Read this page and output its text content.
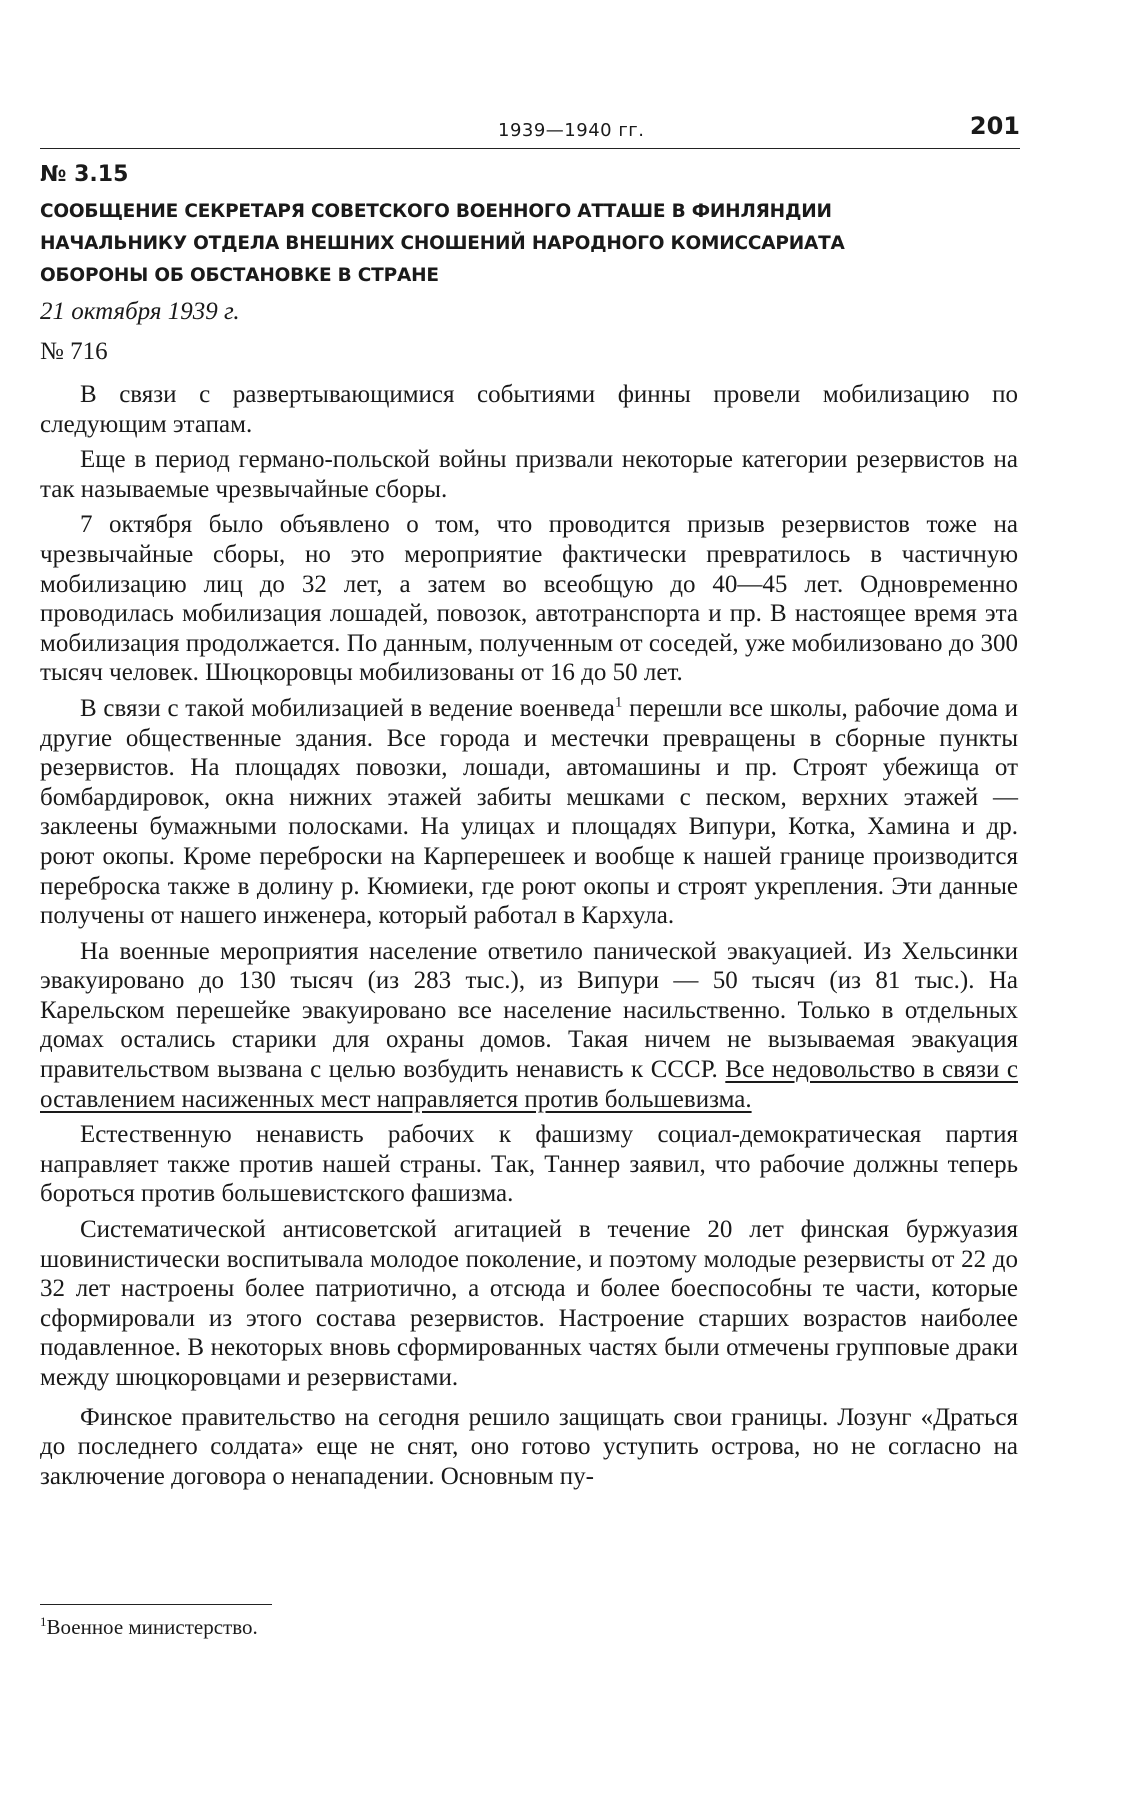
1939—1940 гг.	201
№ 3.15
СООБЩЕНИЕ СЕКРЕТАРЯ СОВЕТСКОГО ВОЕННОГО АТТАШЕ В ФИНЛЯНДИИ
НАЧАЛЬНИКУ ОТДЕЛА ВНЕШНИХ СНОШЕНИЙ НАРОДНОГО КОМИССАРИАТА
ОБОРОНЫ ОБ ОБСТАНОВКЕ В СТРАНЕ
21 октября 1939 г.
№ 716

В связи с развертывающимися событиями финны провели мобилизацию по следующим этапам.

Еще в период германо-польской войны призвали некоторые категории резервистов на так называемые чрезвычайные сборы.

7 октября было объявлено о том, что проводится призыв резервистов тоже на чрезвычайные сборы, но это мероприятие фактически превратилось в частичную мобилизацию лиц до 32 лет, а затем во всеобщую до 40—45 лет. Одновременно проводилась мобилизация лошадей, повозок, автотранспорта и пр. В настоящее время эта мобилизация продолжается. По данным, полученным от соседей, уже мобилизовано до 300 тысяч человек. Шюцкоровцы мобилизованы от 16 до 50 лет.

В связи с такой мобилизацией в ведение военведа$^1$ перешли все школы, рабочие дома и другие общественные здания. Все города и местечки превращены в сборные пункты резервистов. На площадях повозки, лошади, автомашины и пр. Строят убежища от бомбардировок, окна нижних этажей забиты мешками с песком, верхних этажей — заклеены бумажными полосками. На улицах и площадях Випури, Котка, Хамина и др. роют окопы. Кроме переброски на Карперешеек и вообще к нашей границе производится переброска также в долину р. Кюмиеки, где роют окопы и строят укрепления. Эти данные получены от нашего инженера, который работал в Кархула.

На военные мероприятия население ответило панической эвакуацией. Из Хельсинки эвакуировано до 130 тысяч (из 283 тыс.), из Випури — 50 тысяч (из 81 тыс.). На Карельском перешейке эвакуировано все население насильственно. Только в отдельных домах остались старики для охраны домов. Такая ничем не вызываемая эвакуация правительством вызвана с целью возбудить ненависть к СССР. Все недовольство в связи с оставлением насиженных мест направляется против большевизма.

Естественную ненависть рабочих к фашизму социал-демократическая партия направляет также против нашей страны. Так, Таннер заявил, что рабочие должны теперь бороться против большевистского фашизма.

Систематической антисоветской агитацией в течение 20 лет финская буржуазия шовинистически воспитывала молодое поколение, и поэтому молодые резервисты от 22 до 32 лет настроены более патриотично, а отсюда и более боеспособны те части, которые сформировали из этого состава резервистов. Настроение старших возрастов наиболее подавленное. В некоторых вновь сформированных частях были отмечены групповые драки между шюцкоровцами и резервистами.

Финское правительство на сегодня решило защищать свои границы. Лозунг «Драться до последнего солдата» еще не снят, оно готово уступить острова, но не согласно на заключение договора о ненападении. Основным пу-

$^1$Военное министерство.
